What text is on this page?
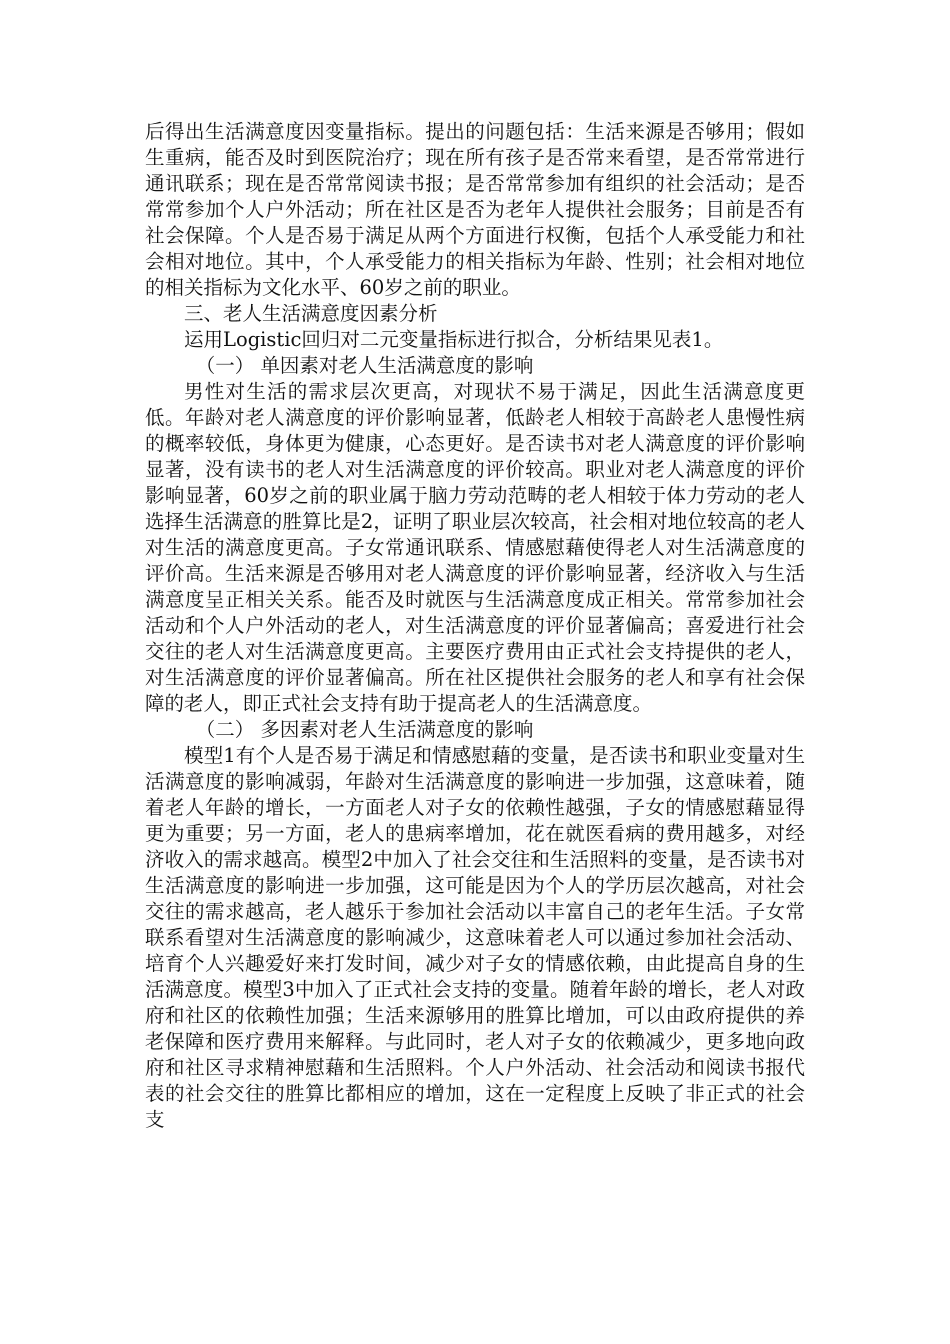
后得出生活满意度因变量指标。提出的问题包括：生活来源是否够用；假如生重病，能否及时到医院治疗；现在所有孩子是否常来看望，是否常常进行通讯联系；现在是否常常阅读书报；是否常常参加有组织的社会活动；是否常常参加个人户外活动；所在社区是否为老年人提供社会服务；目前是否有社会保障。个人是否易于满足从两个方面进行权衡，包括个人承受能力和社会相对地位。其中，个人承受能力的相关指标为年龄、性别；社会相对地位的相关指标为文化水平、60岁之前的职业。

三、老人生活满意度因素分析

运用Logistic回归对二元变量指标进行拟合，分析结果见表1。

（一） 单因素对老人生活满意度的影响

男性对生活的需求层次更高，对现状不易于满足，因此生活满意度更低。年龄对老人满意度的评价影响显著，低龄老人相较于高龄老人患慢性病的概率较低，身体更为健康，心态更好。是否读书对老人满意度的评价影响显著，没有读书的老人对生活满意度的评价较高。职业对老人满意度的评价影响显著，60岁之前的职业属于脑力劳动范畴的老人相较于体力劳动的老人选择生活满意的胜算比是2，证明了职业层次较高，社会相对地位较高的老人对生活的满意度更高。子女常通讯联系、情感慰藉使得老人对生活满意度的评价高。生活来源是否够用对老人满意度的评价影响显著，经济收入与生活满意度呈正相关关系。能否及时就医与生活满意度成正相关。常常参加社会活动和个人户外活动的老人，对生活满意度的评价显著偏高；喜爱进行社会交往的老人对生活满意度更高。主要医疗费用由正式社会支持提供的老人，对生活满意度的评价显著偏高。所在社区提供社会服务的老人和享有社会保障的老人，即正式社会支持有助于提高老人的生活满意度。

（二） 多因素对老人生活满意度的影响

模型1有个人是否易于满足和情感慰藉的变量，是否读书和职业变量对生活满意度的影响减弱，年龄对生活满意度的影响进一步加强，这意味着，随着老人年龄的增长，一方面老人对子女的依赖性越强，子女的情感慰藉显得更为重要；另一方面，老人的患病率增加，花在就医看病的费用越多，对经济收入的需求越高。模型2中加入了社会交往和生活照料的变量，是否读书对生活满意度的影响进一步加强，这可能是因为个人的学历层次越高，对社会交往的需求越高，老人越乐于参加社会活动以丰富自己的老年生活。子女常联系看望对生活满意度的影响减少，这意味着老人可以通过参加社会活动、培育个人兴趣爱好来打发时间，减少对子女的情感依赖，由此提高自身的生活满意度。模型3中加入了正式社会支持的变量。随着年龄的增长，老人对政府和社区的依赖性加强；生活来源够用的胜算比增加，可以由政府提供的养老保障和医疗费用来解释。与此同时，老人对子女的依赖减少，更多地向政府和社区寻求精神慰藉和生活照料。个人户外活动、社会活动和阅读书报代表的社会交往的胜算比都相应的增加，这在一定程度上反映了非正式的社会支
